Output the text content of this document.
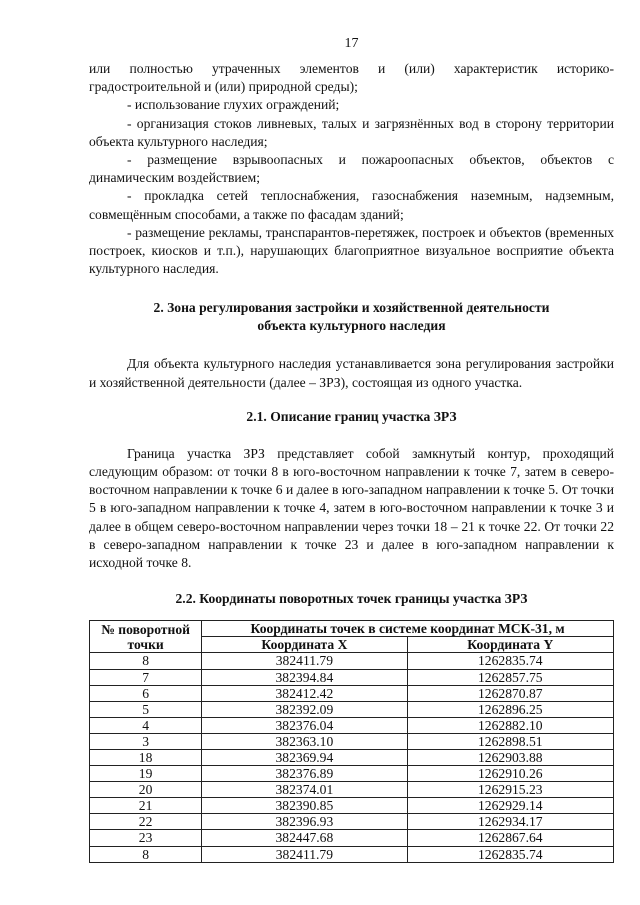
17

или полностью утраченных элементов и (или) характеристик историко-градостроительной и (или) природной среды);

- использование глухих ограждений;

- организация стоков ливневых, талых и загрязнённых вод в сторону территории объекта культурного наследия;

- размещение взрывоопасных и пожароопасных объектов, объектов с динамическим воздействием;

- прокладка сетей теплоснабжения, газоснабжения наземным, надземным, совмещённым способами, а также по фасадам зданий;

- размещение рекламы, транспарантов-перетяжек, построек и объектов (временных построек, киосков и т.п.), нарушающих благоприятное визуальное восприятие объекта культурного наследия.

2. Зона регулирования застройки и хозяйственной деятельности
объекта культурного наследия

Для объекта культурного наследия устанавливается зона регулирования застройки и хозяйственной деятельности (далее – ЗРЗ), состоящая из одного участка.

2.1. Описание границ участка ЗРЗ

Граница участка ЗРЗ представляет собой замкнутый контур, проходящий следующим образом: от точки 8 в юго-восточном направлении к точке 7, затем в северо-восточном направлении к точке 6 и далее в юго-западном направлении к точке 5. От точки 5 в юго-западном направлении к точке 4, затем в юго-восточном направлении к точке 3 и далее в общем северо-восточном направлении через точки 18 – 21 к точке 22. От точки 22 в северо-западном направлении к точке 23 и далее в юго-западном направлении к исходной точке 8.

2.2. Координаты поворотных точек границы участка ЗРЗ
№ поворотной
точки	Координаты точек в системе координат МСК-31, м	
	Координата X	Координата Y
8	382411.79	1262835.74
7	382394.84	1262857.75
6	382412.42	1262870.87
5	382392.09	1262896.25
4	382376.04	1262882.10
3	382363.10	1262898.51
18	382369.94	1262903.88
19	382376.89	1262910.26
20	382374.01	1262915.23
21	382390.85	1262929.14
22	382396.93	1262934.17
23	382447.68	1262867.64
8	382411.79	1262835.74
